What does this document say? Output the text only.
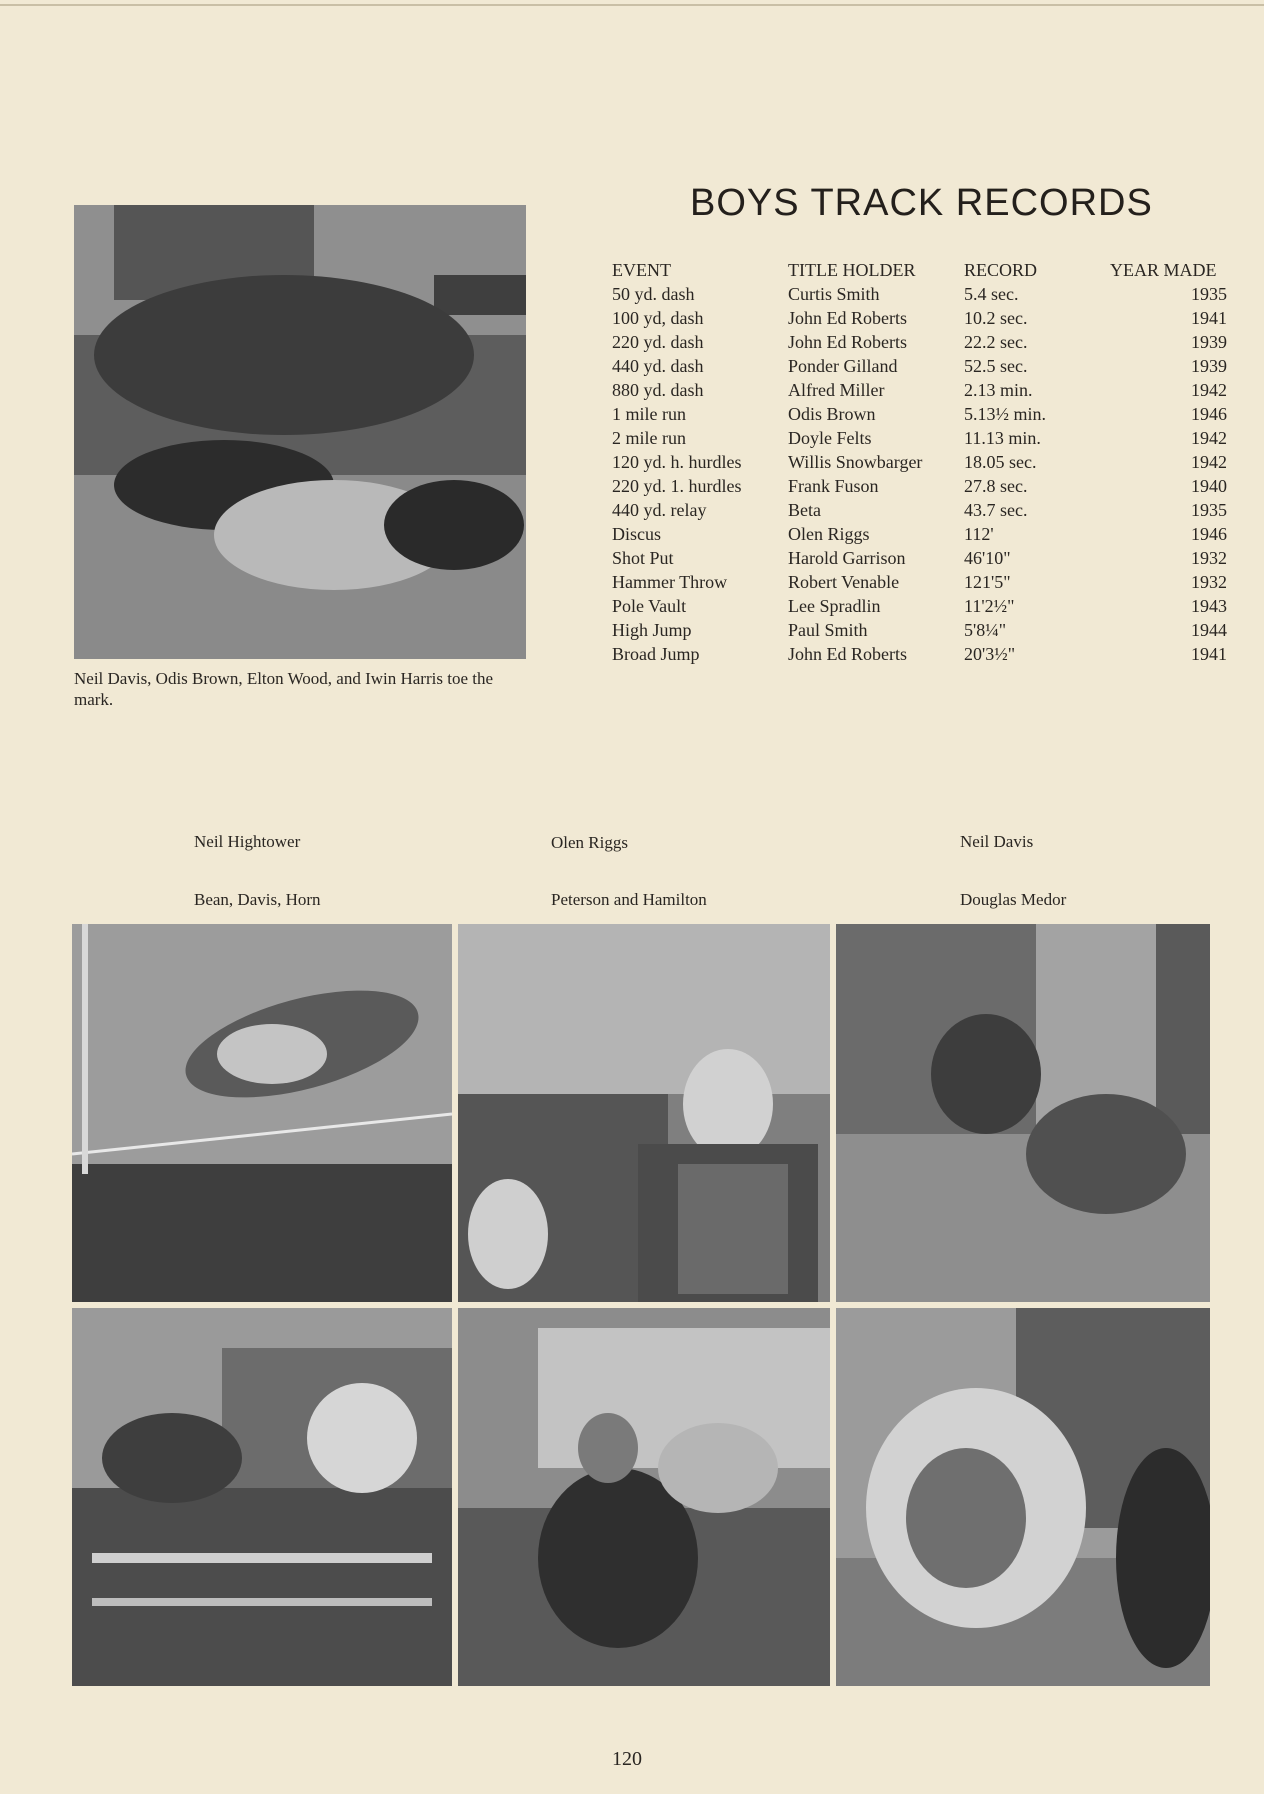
Neil Davis, Odis Brown, Elton Wood, and Iwin Harris toe the mark.
BOYS TRACK RECORDS
EVENT	TITLE HOLDER	RECORD	YEAR MADE
50 yd. dash	Curtis Smith	5.4 sec.	1935
100 yd, dash	John Ed Roberts	10.2 sec.	1941
220 yd. dash	John Ed Roberts	22.2 sec.	1939
440 yd. dash	Ponder Gilland	52.5 sec.	1939
880 yd. dash	Alfred Miller	2.13 min.	1942
1 mile run	Odis Brown	5.13½ min.	1946
2 mile run	Doyle Felts	11.13 min.	1942
120 yd. h. hurdles	Willis Snowbarger 18.05 sec.	1942
220 yd. 1. hurdles	Frank Fuson	27.8 sec.	1940
440 yd. relay	Beta	43.7 sec.	1935
Discus	Olen Riggs	112'	1946
Shot Put	Harold Garrison	46'10"	1932
Hammer Throw	Robert Venable	121'5"	1932
Pole Vault	Lee Spradlin	11'2½"	1943
High Jump	Paul Smith	5'8¼"	1944
Broad Jump	John Ed Roberts	20'3½"	1941
Neil Hightower	Olen Riggs	Neil Davis
Bean, Davis, Horn	Peterson and Hamilton	Douglas Medor
120
